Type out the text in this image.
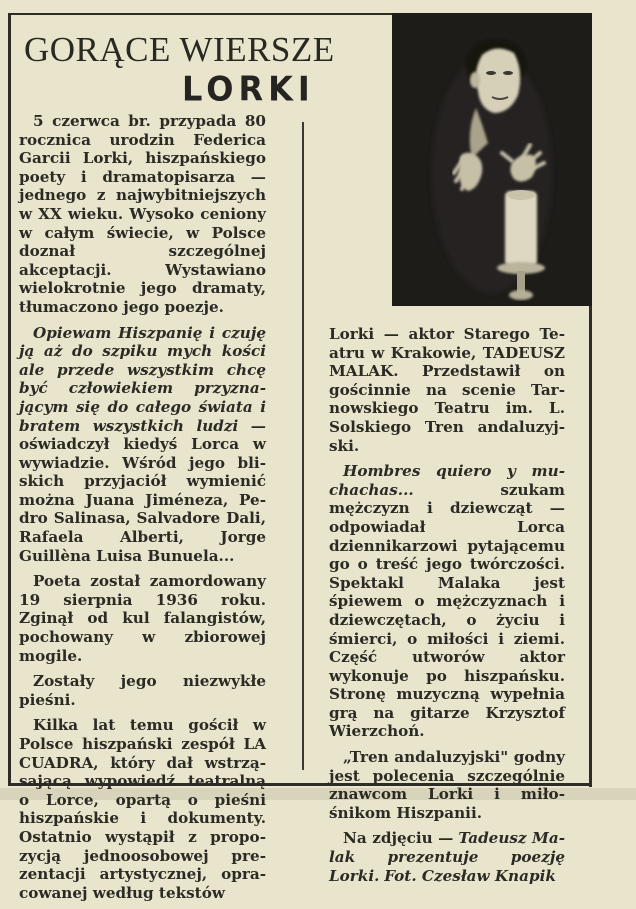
GORĄCE WIERSZE
LORKI

5 czerwca br. przypada 80 rocznica urodzin Federica Garcii Lorki, hiszpańskiego poety i dramatopisarza — jednego z najwybitniejszych w XX wieku. Wysoko ceniony w całym świecie, w Polsce doznał szczególnej akceptacji. Wystawiano wielokrotnie jego dramaty, tłumaczono jego poezje.

Opiewam Hiszpanię i czuję ją aż do szpiku mych kości ale przede wszystkim chcę być człowiekiem przyznającym się do całego świata i bratem wszystkich ludzi — oświadczył kiedyś Lorca w wywiadzie. Wśród jego bliskich przyjaciół wymienić można Juana Jiméneza, Pedro Salinasa, Salvadore Dali, Rafaela Alberti, Jorge Guillèna Luisa Bunuela...

Poeta został zamordowany 19 sierpnia 1936 roku. Zginął od kul falangistów, pochowany w zbiorowej mogile.

Zostały jego niezwykłe pieśni.

Kilka lat temu gościł w Polsce hiszpański zespół LA CUADRA, który dał wstrząsającą wypowiedź teatralną o Lorce, opartą o pieśni hiszpańskie i dokumenty. Ostatnio wystąpił z propozycją jednoosobowej prezentacji artystycznej, opracowanej według tekstów

Lorki — aktor Starego Teatru w Krakowie, TADEUSZ MALAK. Przedstawił on gościnnie na scenie Tarnowskiego Teatru im. L. Solskiego Tren andaluzyjski.

Hombres quiero y muchachas...	szukam mężczyzn i dziewcząt — odpowiadał Lorca dziennikarzowi pytającemu go o treść jego twórczości. Spektakl Malaka jest śpiewem o mężczyznach i dziewczętach, o życiu i śmierci, o miłości i ziemi. Część utworów aktor wykonuje po hiszpańsku. Stronę muzyczną wypełnia grą na gitarze Krzysztof Wierzchoń.

„Tren andaluzyjski" godny jest polecenia szczególnie znawcom Lorki i miłośnikom Hiszpanii.

Na zdjęciu — Tadeusz Malak prezentuje poezję Lorki. Fot. Czesław Knapik
